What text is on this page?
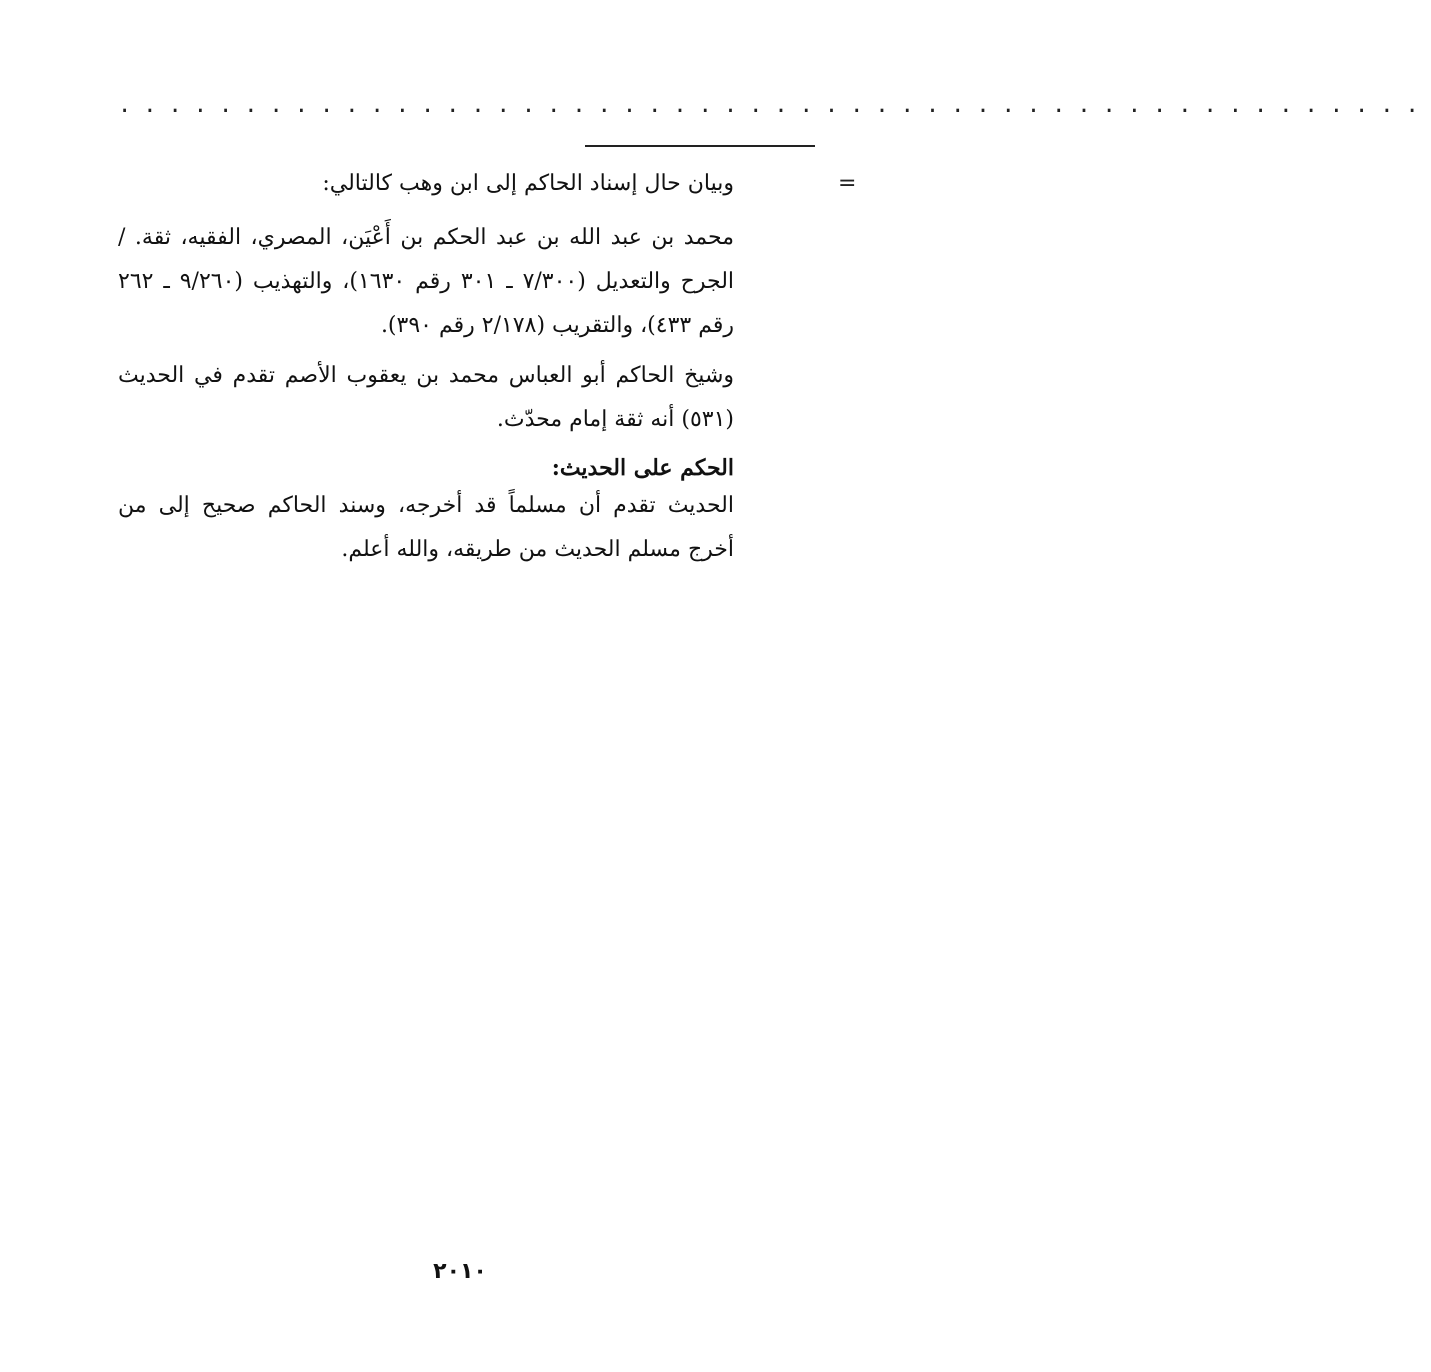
....................................................
=

وبيان حال إسناد الحاكم إلى ابن وهب كالتالي:

محمد بن عبد الله بن عبد الحكم بن أَعْيَن، المصري، الفقيه، ثقة. / الجرح والتعديل (٧/٣٠٠ ـ ٣٠١ رقم ١٦٣٠)، والتهذيب (٩/٢٦٠ ـ ٢٦٢ رقم ٤٣٣)، والتقريب (٢/١٧٨ رقم ٣٩٠).

وشيخ الحاكم أبو العباس محمد بن يعقوب الأصم تقدم في الحديث (٥٣١) أنه ثقة إمام محدّث.

الحكم على الحديث:

الحديث تقدم أن مسلماً قد أخرجه، وسند الحاكم صحيح إلى من أخرج مسلم الحديث من طريقه، والله أعلم.

٢٠١٠
